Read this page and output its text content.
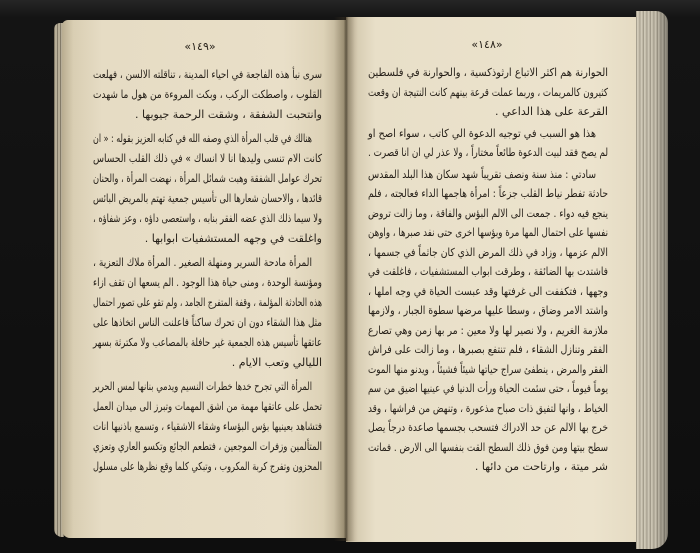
«١٤٩»	«١٤٨»
سرى نبأ هذه الفاجعة في احياء المدينة ، تناقلته الالسن ، فهلعت
القلوب ، واصطكت الركب ، وبكت المروءة من هول ما شهدت
وانتحبت الشفقة ، وشقت الرحمة جيوبها .
هنالك في قلب المرأة الذي وصفه الله في كتابه العزيز بقوله : « ان
كانت الام تنسى وليدها انا لا انساك » في ذلك القلب الحساس
تحرك عوامل الشفقة وهبت شمائل المرأة ، نهضت المرأة ، والحنان
قائدها ، والاحسان شعارها الى تأسيس جمعية تهتم بالمريض البائس
ولا سيما ذلك الذي عضه الفقر بنابه ، واستعصى داؤه ، وعز شفاؤه ،
واغلقت في وجهه المستشفيات ابوابها .
المرأة مادحة السرير ومنهلة الصغير . المرأة ملاك التعزية ،
ومؤنسة الوحدة ، ومنى حياة هذا الوجود . الم يسعها ان تقف ازاء
هذه الحادثة المؤلمة ، وقفة المتفرج الجامد ، ولم تقو على تصور احتمال
مثل هذا الشقاء دون ان تحرك ساكناً فاعلنت الناس اتخاذها على
عاتقها تأسيس هذه الجمعية غير حافلة بالمصاعب ولا مكترثة بسهر
الليالي وتعب الايام .
المرأة التي تجرح خدها خطرات النسيم ويدمي بنانها لمس الحرير
تحمل على عاتقها مهمة من اشق المهمات وتبرز الى ميدان العمل
فتشاهد بعينيها بؤس البؤساء وشقاء الاشقياء ، وتسمع باذنيها انات
المتألمين وزفرات الموجعين ، فتطعم الجائع وتكسو العاري وتعزي
المحزون وتفرج كربة المكروب ، وتبكي كلما وقع نظرها على مسلول
الحوارنة هم اكثر الاتباع ارثوذكسية ، والحوارنة في فلسطين
كثيرون كالمريمات ، وربما عملت قرعة بينهم كانت النتيجة ان وقعت
القرعة على هذا الداعي .
هذا هو السبب في توجيه الدعوة الي كاتب ، سواء اصح او
لم يصح فقد لبيت الدعوة طائعاً مختاراً ، ولا عذر لي ان انا قصرت .
سادتي : منذ سنة ونصف تقريباً شهد سكان هذا البلد المقدس
حادثة تفطر نياط القلب جزعاً : امرأة هاجمها الداء فعالجته ، فلم
ينجع فيه دواء . جمعت الى الالم البؤس والفاقة ، وما زالت تروض
نفسها على احتمال المها مرة وبؤسها اخرى حتى نفد صبرها ، واوهن
الالم عزمها ، وزاد في ذلك المرض الذي كان جاثماً في جسمها ،
فاشتدت بها الضائقة ، وطرقت ابواب المستشفيات ، فاغلقت في
وجهها ، فتكففت الى غرفتها وقد عبست الحياة في وجه املها ،
واشتد الامر وضاق ، وسطا عليها مرضها سطوة الجبار ، ولازمها
ملازمة الغريم ، ولا نصير لها ولا معين : مر بها زمن وهي تصارع
الفقر وتنازل الشقاء ، فلم تنتفع بصبرها ، وما زالت على فراش
الفقر والمرض ، ينطفئ سراج حياتها شيئاً فشيئاً ، ويدنو منها الموت
يوماً فيوماً ، حتى سئمت الحياة ورأت الدنيا في عينيها اضيق من سم
الخياط ، وانها لتفيق ذات صباح مذعورة ، وتنهض من فراشها ، وقد
خرج بها الالم عن حد الادراك فتسحب بجسمها صاعدة درجاً يصل
سطح بيتها ومن فوق ذلك السطح القت بنفسها الى الارض . فماتت
شر ميتة ، وارتاحت من دائها .
